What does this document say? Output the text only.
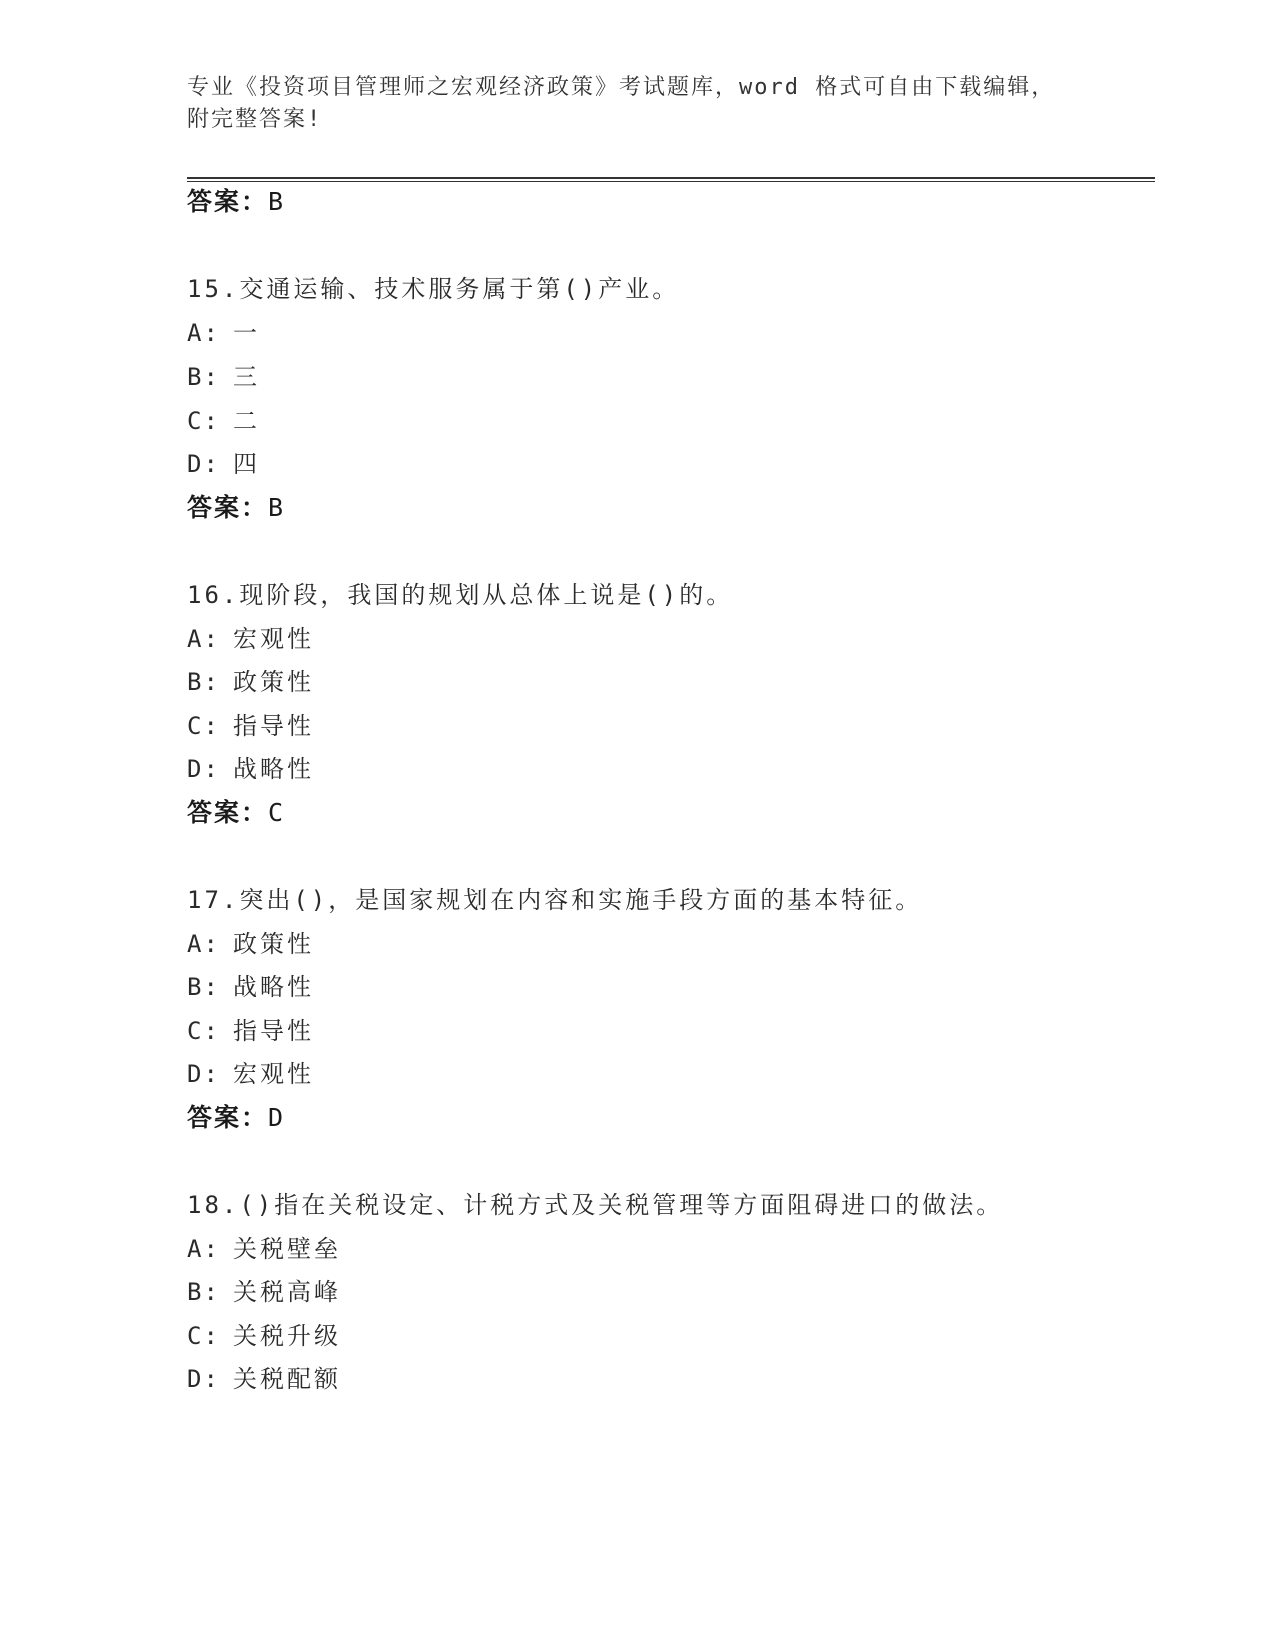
专业《投资项目管理师之宏观经济政策》考试题库，word 格式可自由下载编辑，
附完整答案!
答案：B
15.交通运输、技术服务属于第()产业。
A: 一
B: 三
C: 二
D: 四
答案：B
16.现阶段，我国的规划从总体上说是()的。
A: 宏观性
B: 政策性
C: 指导性
D: 战略性
答案：C
17.突出()，是国家规划在内容和实施手段方面的基本特征。
A: 政策性
B: 战略性
C: 指导性
D: 宏观性
答案：D
18.()指在关税设定、计税方式及关税管理等方面阻碍进口的做法。
A: 关税壁垒
B: 关税高峰
C: 关税升级
D: 关税配额
